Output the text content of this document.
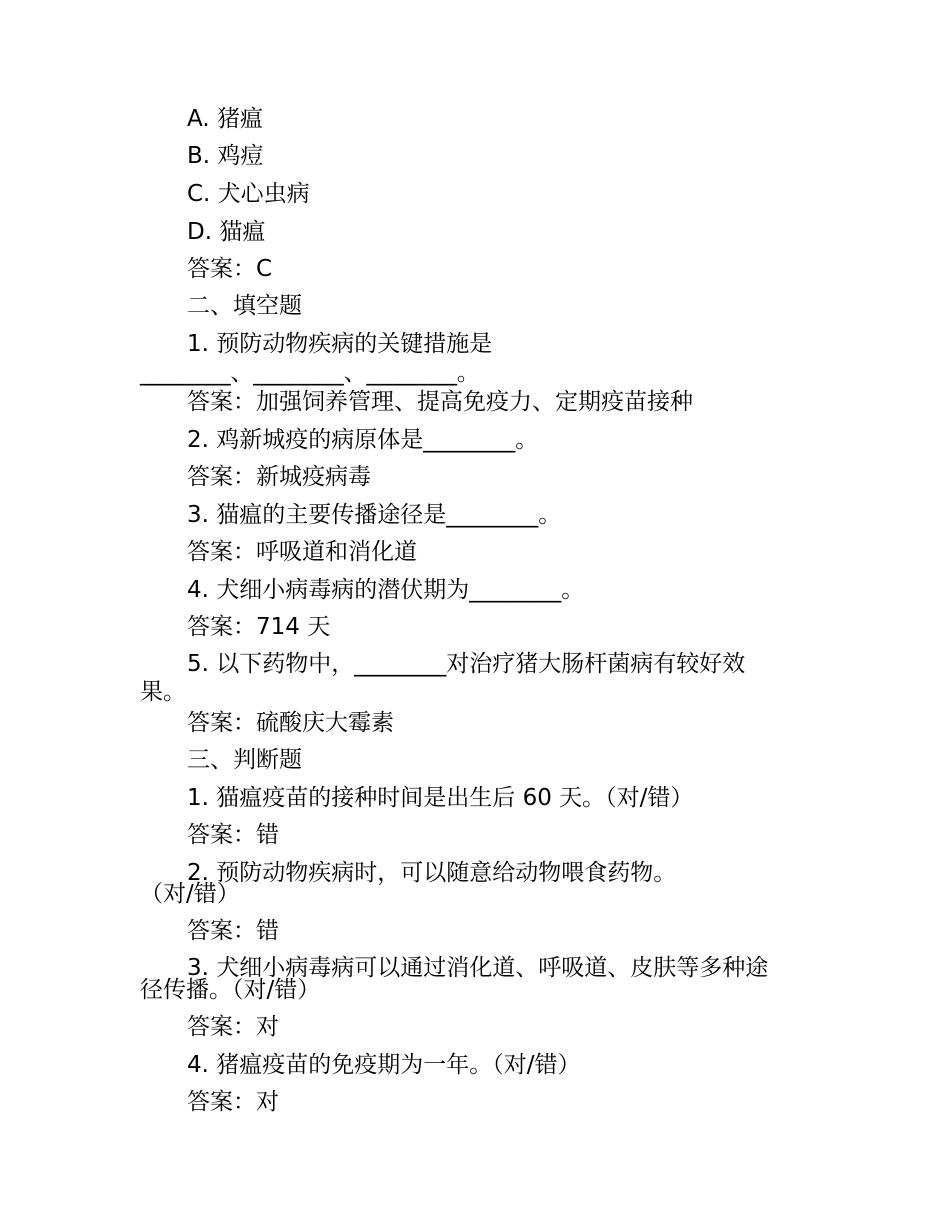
A. 猪瘟
B. 鸡痘
C. 犬心虫病
D. 猫瘟
答案：C
二、填空题
1. 预防动物疾病的关键措施是
________、________、________。
答案：加强饲养管理、提高免疫力、定期疫苗接种
2. 鸡新城疫的病原体是________。
答案：新城疫病毒
3. 猫瘟的主要传播途径是________。
答案：呼吸道和消化道
4. 犬细小病毒病的潜伏期为________。
答案：714 天
5. 以下药物中，________对治疗猪大肠杆菌病有较好效
果。
答案：硫酸庆大霉素
三、判断题
1. 猫瘟疫苗的接种时间是出生后 60 天。（对/错）
答案：错
2. 预防动物疾病时，可以随意给动物喂食药物。
（对/错）
答案：错
3. 犬细小病毒病可以通过消化道、呼吸道、皮肤等多种途
径传播。（对/错）
答案：对
4. 猪瘟疫苗的免疫期为一年。（对/错）
答案：对
